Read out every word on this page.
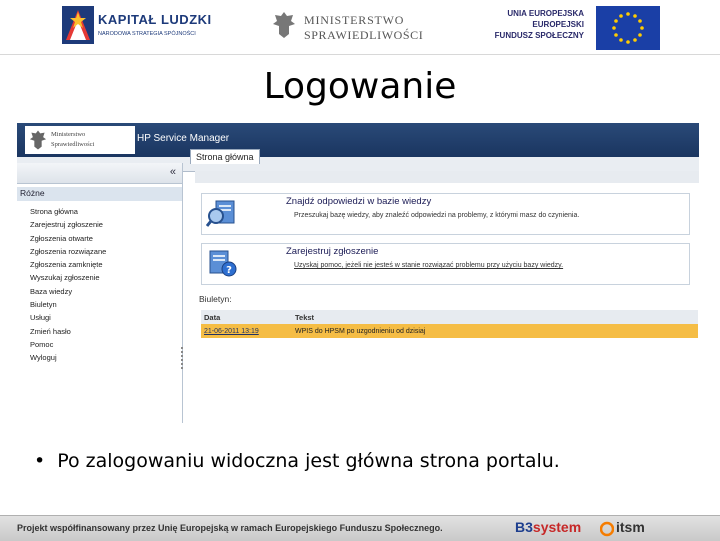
KAPITAŁ LUDZKI
NARODOWA STRATEGIA SPÓJNOŚCI
MINISTERSTWO
SPRAWIEDLIWOŚCI
UNIA EUROPEJSKA
EUROPEJSKI
FUNDUSZ SPOŁECZNY
Logowanie
Ministerstwo
Sprawiedliwości
HP Service Manager
Strona główna
«
Różne
Strona główna
Zarejestruj zgłoszenie
Zgłoszenia otwarte
Zgłoszenia rozwiązane
Zgłoszenia zamknięte
Wyszukaj zgłoszenie
Baza wiedzy
Biuletyn
Usługi
Zmień hasło
Pomoc
Wyloguj
Znajdź odpowiedzi w bazie wiedzy
Przeszukaj bazę wiedzy, aby znaleźć odpowiedzi na problemy, z którymi masz do czynienia.
?
Zarejestruj zgłoszenie
Uzyskaj pomoc, jeżeli nie jesteś w stanie rozwiązać problemu przy użyciu bazy wiedzy.
Biuletyn:
Data	Tekst
21-06-2011 13:19	WPIS do HPSM po uzgodnieniu od dzisiaj
• Po zalogowaniu widoczna jest główna strona portalu.
Projekt współfinansowany przez Unię Europejską w ramach Europejskiego Funduszu Społecznego.	B3system itsm
